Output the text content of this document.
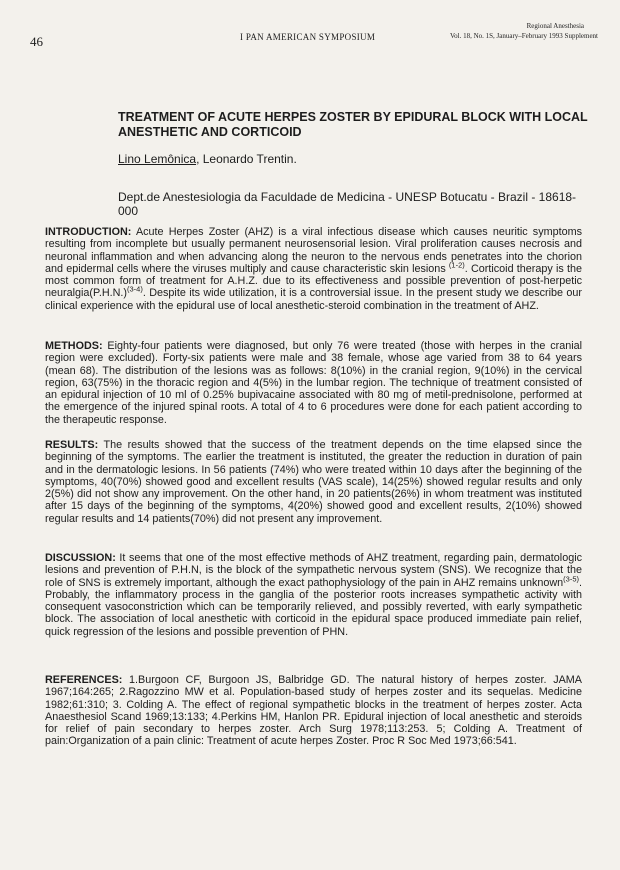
46	I PAN AMERICAN SYMPOSIUM
Regional Anesthesia
Vol. 18, No. 1S, January–February 1993 Supplement
TREATMENT OF ACUTE HERPES ZOSTER BY EPIDURAL BLOCK WITH LOCAL ANESTHETIC AND CORTICOID
Lino Lemônica, Leonardo Trentin.
Dept.de Anestesiologia da Faculdade de Medicina - UNESP Botucatu - Brazil - 18618-000

INTRODUCTION: Acute Herpes Zoster (AHZ) is a viral infectious disease which causes neuritic symptoms resulting from incomplete but usually permanent neurosensorial lesion. Viral proliferation causes necrosis and neuronal inflammation and when advancing along the neuron to the nervous ends penetrates into the chorion and epidermal cells where the viruses multiply and cause characteristic skin lesions $^{(1-2)}$. Corticoid therapy is the most common form of treatment for A.H.Z. due to its effectiveness and possible prevention of post-herpetic $neuralgia(P.H.N.)^{(3-4)}$. Despite its wide utilization, it is a controversial issue. In the present study we describe our clinical experience with the epidural use of local anesthetic-steroid combination in the treatment of AHZ.

METHODS: Eighty-four patients were diagnosed, but only 76 were treated (those with herpes in the cranial region were excluded). Forty-six patients were male and 38 female, whose age varied from 38 to 64 years (mean 68). The distribution of the lesions was as follows: 8(10%) in the cranial region, 9(10%) in the cervical region, 63(75%) in the thoracic region and 4(5%) in the lumbar region. The technique of treatment consisted of an epidural injection of 10 ml of 0.25% bupivacaine associated with 80 mg of metil-prednisolone, performed at the emergence of the injured spinal roots. A total of 4 to 6 procedures were done for each patient according to the therapeutic response.

RESULTS: The results showed that the success of the treatment depends on the time elapsed since the beginning of the symptoms. The earlier the treatment is instituted, the greater the reduction in duration of pain and in the dermatologic lesions. In 56 patients (74%) who were treated within 10 days after the beginning of the symptoms, 40(70%) showed good and excellent results (VAS scale), 14(25%) showed regular results and only 2(5%) did not show any improvement. On the other hand, in 20 patients(26%) in whom treatment was instituted after 15 days of the beginning of the symptoms, 4(20%) showed good and excellent results, 2(10%) showed regular results and 14 patients(70%) did not present any improvement.

DISCUSSION: It seems that one of the most effective methods of AHZ treatment, regarding pain, dermatologic lesions and prevention of P.H.N, is the block of the sympathetic nervous system (SNS). We recognize that the role of SNS is extremely important, although the exact pathophysiology of the pain in AHZ remains unknown$^{(3-5)}$. Probably, the inflammatory process in the ganglia of the posterior roots increases sympathetic activity with consequent vasoconstriction which can be temporarily relieved, and possibly reverted, with early sympathetic block. The association of local anesthetic with corticoid in the epidural space produced immediate pain relief, quick regression of the lesions and possible prevention of PHN.

REFERENCES: 1.Burgoon CF, Burgoon JS, Balbridge GD. The natural history of herpes zoster. JAMA 1967;164:265; 2.Ragozzino MW et al. Population-based study of herpes zoster and its sequelas. Medicine 1982;61:310; 3. Colding A. The effect of regional sympathetic blocks in the treatment of herpes zoster. Acta Anaesthesiol Scand 1969;13:133; 4.Perkins HM, Hanlon PR. Epidural injection of local anesthetic and steroids for relief of pain secondary to herpes zoster. Arch Surg 1978;113:253. 5; Colding A. Treatment of pain:Organization of a pain clinic: Treatment of acute herpes Zoster. Proc R Soc Med 1973;66:541.
